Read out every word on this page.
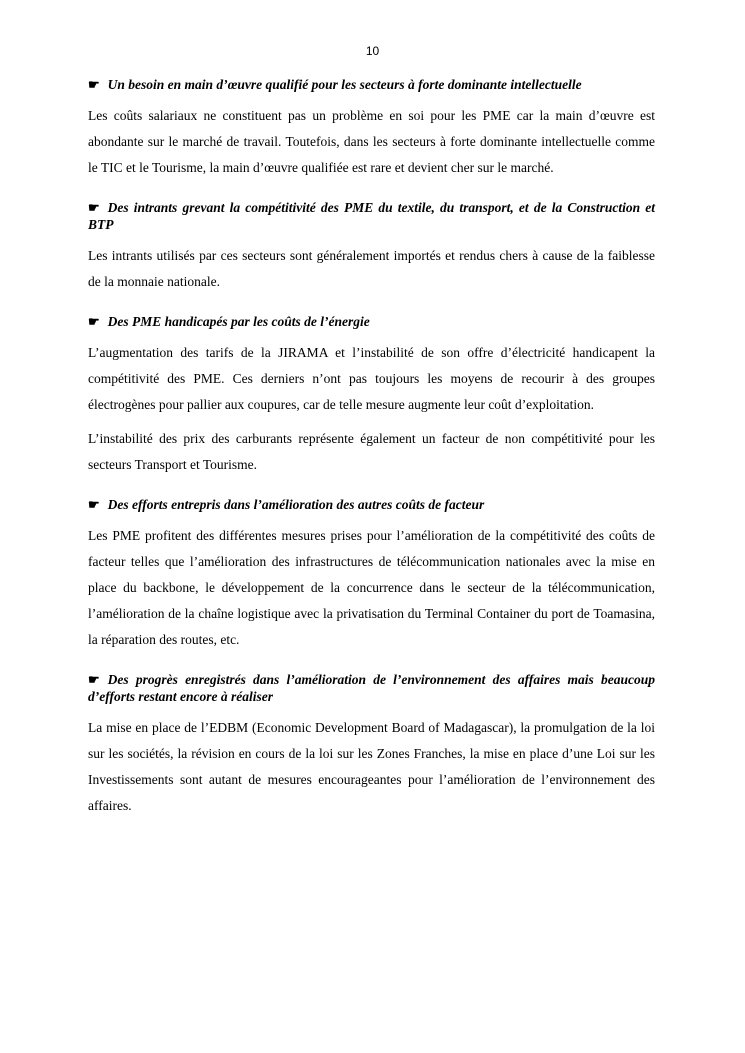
10

☛ Un besoin en main d’œuvre qualifié pour les secteurs à forte dominante intellectuelle

Les coûts salariaux ne constituent pas un problème en soi pour les PME car la main d’œuvre est abondante sur le marché de travail. Toutefois, dans les secteurs à forte dominante intellectuelle comme le TIC et le Tourisme, la main d’œuvre qualifiée est rare et devient cher sur le marché.

☛ Des intrants grevant la compétitivité des PME du textile, du transport, et de la Construction et BTP

Les intrants utilisés par ces secteurs sont généralement importés et rendus chers à cause de la faiblesse de la monnaie nationale.

☛ Des PME handicapés par les coûts de l’énergie

L’augmentation des tarifs de la JIRAMA et l’instabilité de son offre d’électricité handicapent la compétitivité des PME. Ces derniers n’ont pas toujours les moyens de recourir à des groupes électrogènes pour pallier aux coupures, car de telle mesure augmente leur coût d’exploitation.

L’instabilité des prix des carburants représente également un facteur de non compétitivité pour les secteurs Transport et Tourisme.

☛ Des efforts entrepris dans l’amélioration des autres coûts de facteur

Les PME profitent des différentes mesures prises pour l’amélioration de la compétitivité des coûts de facteur telles que l’amélioration des infrastructures de télécommunication nationales avec la mise en place du backbone, le développement de la concurrence dans le secteur de la télécommunication, l’amélioration de la chaîne logistique avec la privatisation du Terminal Container du port de Toamasina, la réparation des routes, etc.

☛ Des progrès enregistrés dans l’amélioration de l’environnement des affaires mais beaucoup d’efforts restant encore à réaliser

La mise en place de l’EDBM (Economic Development Board of Madagascar), la promulgation de la loi sur les sociétés, la révision en cours de la loi sur les Zones Franches, la mise en place d’une Loi sur les Investissements sont autant de mesures encourageantes pour l’amélioration de l’environnement des affaires.
